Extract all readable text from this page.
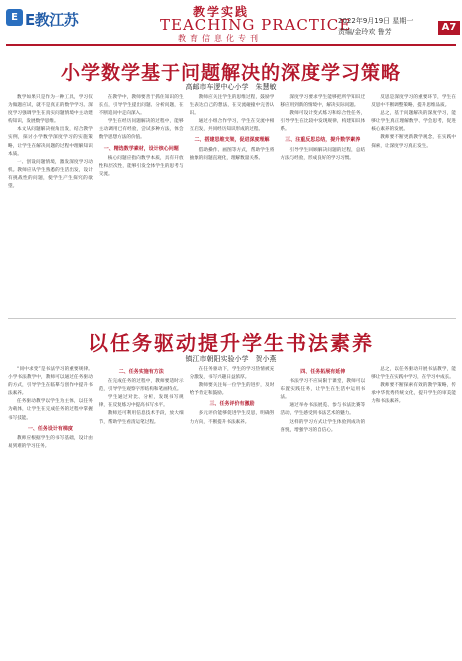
E E教江苏	教学实践
TEACHING PRACTICE
教育信息化专刊
2022年9月19日 星期一
责编/金玲欢 鲁芳	A7
小学数学基于问题解决的深度学习策略
高邮市车逻中心小学　朱慧敏

数学如果只是作为一种工具，学习仅为做题应试，就不是真正的数学学习。深度学习强调学生在真实问题情境中主动建构知识，发展数学思维。

本文从问题解决视角出发，结合教学实例，探讨小学数学深度学习的实施策略，让学生在解决问题的过程中理解知识本质。

一、创设问题情境，激发深度学习动机。教师应从学生熟悉的生活出发，设计有挑战性的问题，使学生产生探究的欲望。

在教学中，教师要善于抓住知识的生长点，引导学生提出问题、分析问题，在不断追问中走向深入。

学生在经历问题解决的过程中，能够主动调用已有经验，尝试多种方法，体会数学思想方法的价值。

一、精选数学素材，设计核心问题

核心问题应指向数学本质，具有开放性和层次性，能够引发全体学生的思考与交流。

教师应关注学生的思维过程，鼓励学生表达自己的想法，在交流碰撞中完善认识。

通过小组合作学习，学生在交流中相互启发，共同经历知识形成的过程。

二、搭建思维支架，促进深度理解

借助操作、画图等方式，帮助学生将抽象的问题直观化，理解数量关系。

深度学习要求学生能够把所学知识迁移应用到新的情境中，解决实际问题。

教师可设计变式练习和综合性任务，引导学生在比较中发现规律，构建知识体系。

三、注重反思总结，提升数学素养

引导学生回顾解决问题的过程，总结方法与经验，形成良好的学习习惯。

反思是深度学习的重要环节，学生在反思中不断调整策略，提升思维品质。

总之，基于问题解决的深度学习，能够让学生真正理解数学、学会思考，促进核心素养的发展。

教师要不断更新教学观念，在实践中探索，让深度学习真正发生。

以任务驱动提升学生书法素养
镇江市朝阳实验小学　贺小燕

“同中求变”是书法学习的重要规律。小学书法教学中，教师可以通过任务驱动的方式，引导学生在临摹与创作中提升书法素养。

任务驱动教学以学生为主体，以任务为载体，让学生在完成任务的过程中掌握书写技能。

一、任务设计有梯度

教师应根据学生的书写基础，设计由易到难的学习任务。

二、任务实施有方法

在完成任务的过程中，教师要适时示范，引导学生观察字形结构和笔画特点。

学生通过对比、分析，发现书写规律，在反复练习中提高书写水平。

教师还可利用信息技术手段，放大细节，帮助学生看清运笔过程。

在任务驱动下，学生的学习热情被充分激发，书写兴趣日益浓厚。

教师要关注每一位学生的进步，及时给予肯定和鼓励。

三、任务评价有激励

多元评价能够促进学生反思，明确努力方向，不断提升书法素养。

四、任务拓展有延伸

书法学习不应局限于课堂，教师可以布置实践任务，让学生在生活中运用书法。

通过举办书法展览、参与书法比赛等活动，学生感受到书法艺术的魅力。

这样的学习方式让学生体验到成功的喜悦，增强学习的自信心。

总之，以任务驱动开展书法教学，能够让学生在实践中学习，在学习中成长。

教师要不断探索有效的教学策略，传承中华优秀传统文化，提升学生的审美能力和书法素养。
